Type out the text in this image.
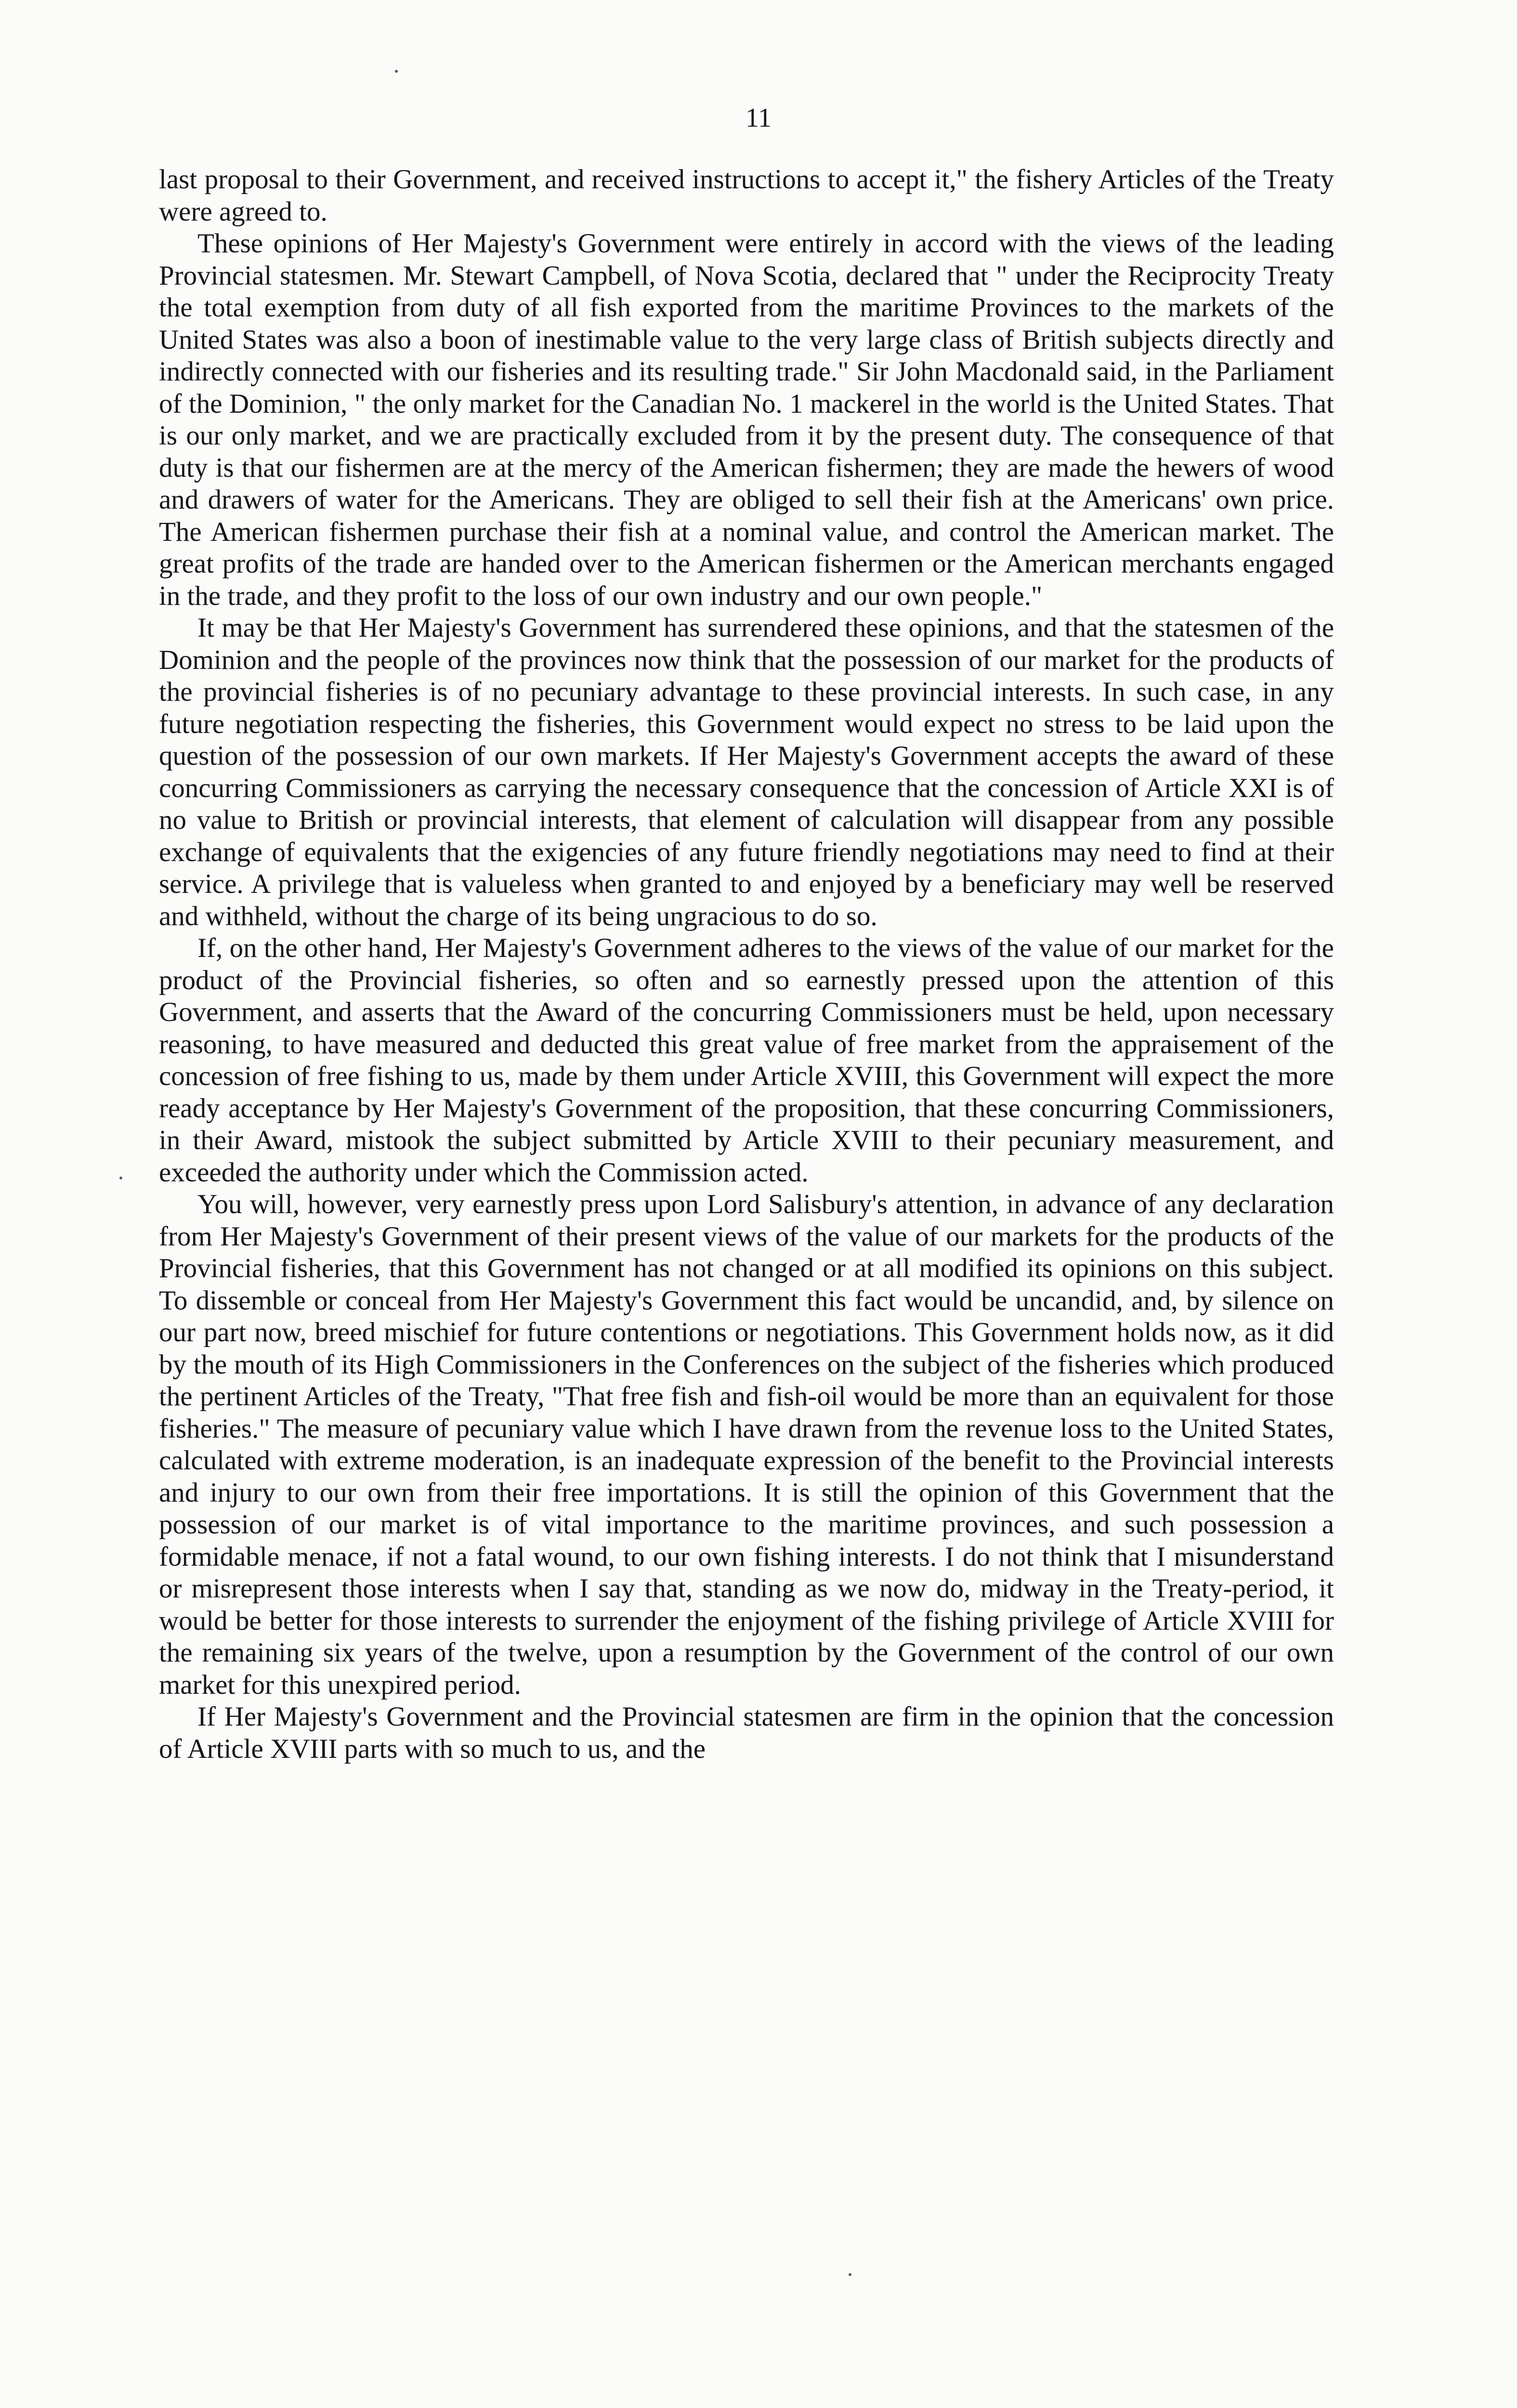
11

last proposal to their Government, and received instructions to accept it," the fishery Articles of the Treaty were agreed to.

These opinions of Her Majesty's Government were entirely in accord with the views of the leading Provincial statesmen. Mr. Stewart Campbell, of Nova Scotia, declared that " under the Reciprocity Treaty the total exemption from duty of all fish exported from the maritime Provinces to the markets of the United States was also a boon of inestimable value to the very large class of British subjects directly and indirectly connected with our fisheries and its resulting trade." Sir John Macdonald said, in the Parliament of the Dominion, " the only market for the Canadian No. 1 mackerel in the world is the United States. That is our only market, and we are practically excluded from it by the present duty. The consequence of that duty is that our fishermen are at the mercy of the American fishermen; they are made the hewers of wood and drawers of water for the Americans. They are obliged to sell their fish at the Americans' own price. The American fishermen purchase their fish at a nominal value, and control the American market. The great profits of the trade are handed over to the American fishermen or the American merchants engaged in the trade, and they profit to the loss of our own industry and our own people."

It may be that Her Majesty's Government has surrendered these opinions, and that the statesmen of the Dominion and the people of the provinces now think that the possession of our market for the products of the provincial fisheries is of no pecuniary advantage to these provincial interests. In such case, in any future negotiation respecting the fisheries, this Government would expect no stress to be laid upon the question of the possession of our own markets. If Her Majesty's Government accepts the award of these concurring Commissioners as carrying the necessary consequence that the concession of Article XXI is of no value to British or provincial interests, that element of calculation will disappear from any possible exchange of equivalents that the exigencies of any future friendly negotiations may need to find at their service. A privilege that is valueless when granted to and enjoyed by a beneficiary may well be reserved and withheld, without the charge of its being ungracious to do so.

If, on the other hand, Her Majesty's Government adheres to the views of the value of our market for the product of the Provincial fisheries, so often and so earnestly pressed upon the attention of this Government, and asserts that the Award of the concurring Commissioners must be held, upon necessary reasoning, to have measured and deducted this great value of free market from the appraisement of the concession of free fishing to us, made by them under Article XVIII, this Government will expect the more ready acceptance by Her Majesty's Government of the proposition, that these concurring Commissioners, in their Award, mistook the subject submitted by Article XVIII to their pecuniary measurement, and exceeded the authority under which the Commission acted.

You will, however, very earnestly press upon Lord Salisbury's attention, in advance of any declaration from Her Majesty's Government of their present views of the value of our markets for the products of the Provincial fisheries, that this Government has not changed or at all modified its opinions on this subject. To dissemble or conceal from Her Majesty's Government this fact would be uncandid, and, by silence on our part now, breed mischief for future contentions or negotiations. This Government holds now, as it did by the mouth of its High Commissioners in the Conferences on the subject of the fisheries which produced the pertinent Articles of the Treaty, "That free fish and fish-oil would be more than an equivalent for those fisheries." The measure of pecuniary value which I have drawn from the revenue loss to the United States, calculated with extreme moderation, is an inadequate expression of the benefit to the Provincial interests and injury to our own from their free importations. It is still the opinion of this Government that the possession of our market is of vital importance to the maritime provinces, and such possession a formidable menace, if not a fatal wound, to our own fishing interests. I do not think that I misunderstand or misrepresent those interests when I say that, standing as we now do, midway in the Treaty-period, it would be better for those interests to surrender the enjoyment of the fishing privilege of Article XVIII for the remaining six years of the twelve, upon a resumption by the Government of the control of our own market for this unexpired period.

If Her Majesty's Government and the Provincial statesmen are firm in the opinion that the concession of Article XVIII parts with so much to us, and the
